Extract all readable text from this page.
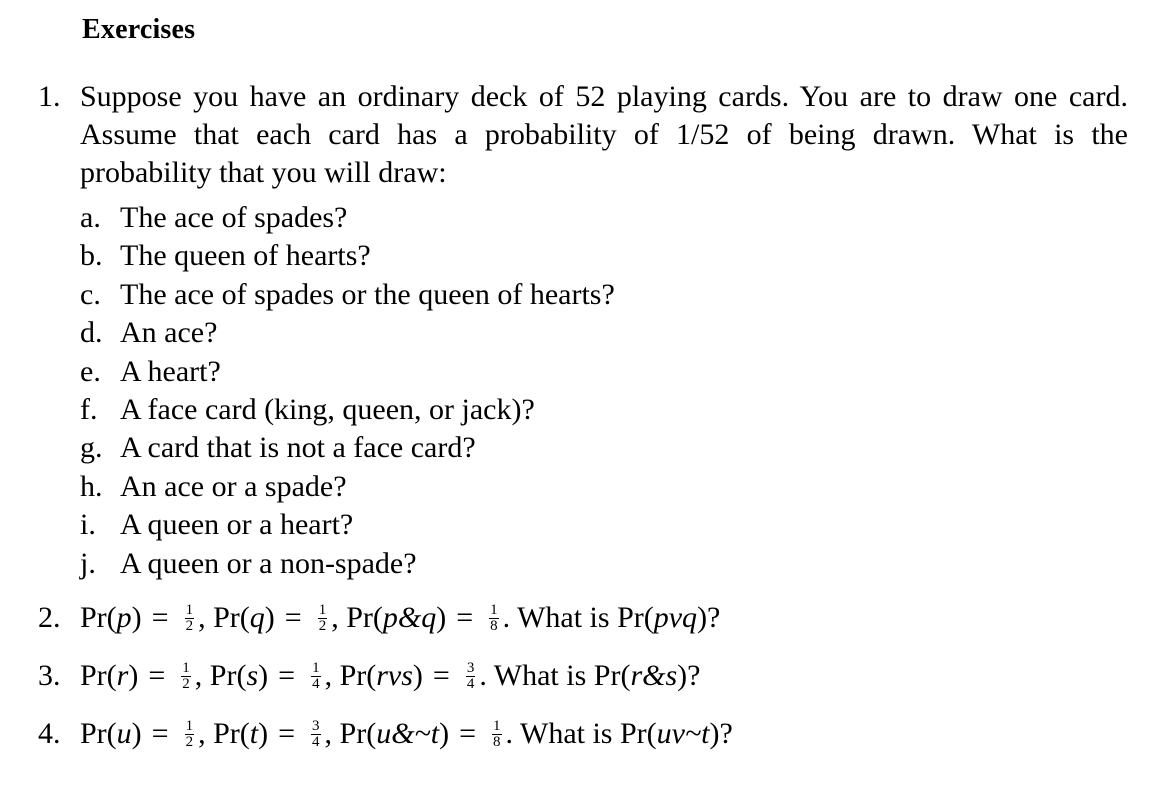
Exercises
1. Suppose you have an ordinary deck of 52 playing cards. You are to draw one card. Assume that each card has a probability of 1/52 of being drawn. What is the probability that you will draw:
a. The ace of spades?
b. The queen of hearts?
c. The ace of spades or the queen of hearts?
d. An ace?
e. A heart?
f. A face card (king, queen, or jack)?
g. A card that is not a face card?
h. An ace or a spade?
i. A queen or a heart?
j. A queen or a non-spade?
2. $Pr(p) = \frac{1}{2}$ , $Pr(q) = \frac{1}{2}$ , Pr(p&q) = $\frac{1}{8}$ . What is Pr(pvq)?
3. $Pr(r) = \frac{1}{2}$ , $Pr(s) = \frac{1}{4}$ , $Pr(rvs) = \frac{3}{4}$ . What is Pr(r&s)?
4. $Pr(u) = \frac{1}{2}$ , $Pr(t) = \frac{3}{4}$ , Pr(u&~t) = $\frac{1}{8}$ . What is Pr(uv~t)?
